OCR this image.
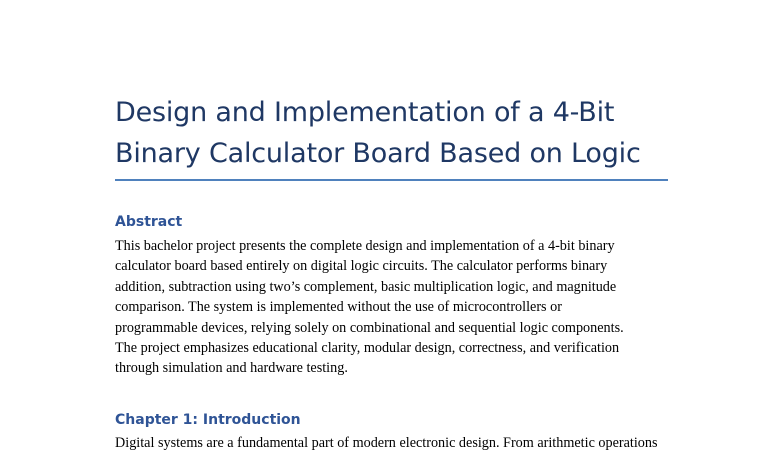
Design and Implementation of a 4-Bit
Binary Calculator Board Based on Logic
Abstract

This bachelor project presents the complete design and implementation of a 4-bit binary
calculator board based entirely on digital logic circuits. The calculator performs binary
addition, subtraction using two’s complement, basic multiplication logic, and magnitude
comparison. The system is implemented without the use of microcontrollers or
programmable devices, relying solely on combinational and sequential logic components.
The project emphasizes educational clarity, modular design, correctness, and verification
through simulation and hardware testing.

Chapter 1: Introduction

Digital systems are a fundamental part of modern electronic design. From arithmetic operations
